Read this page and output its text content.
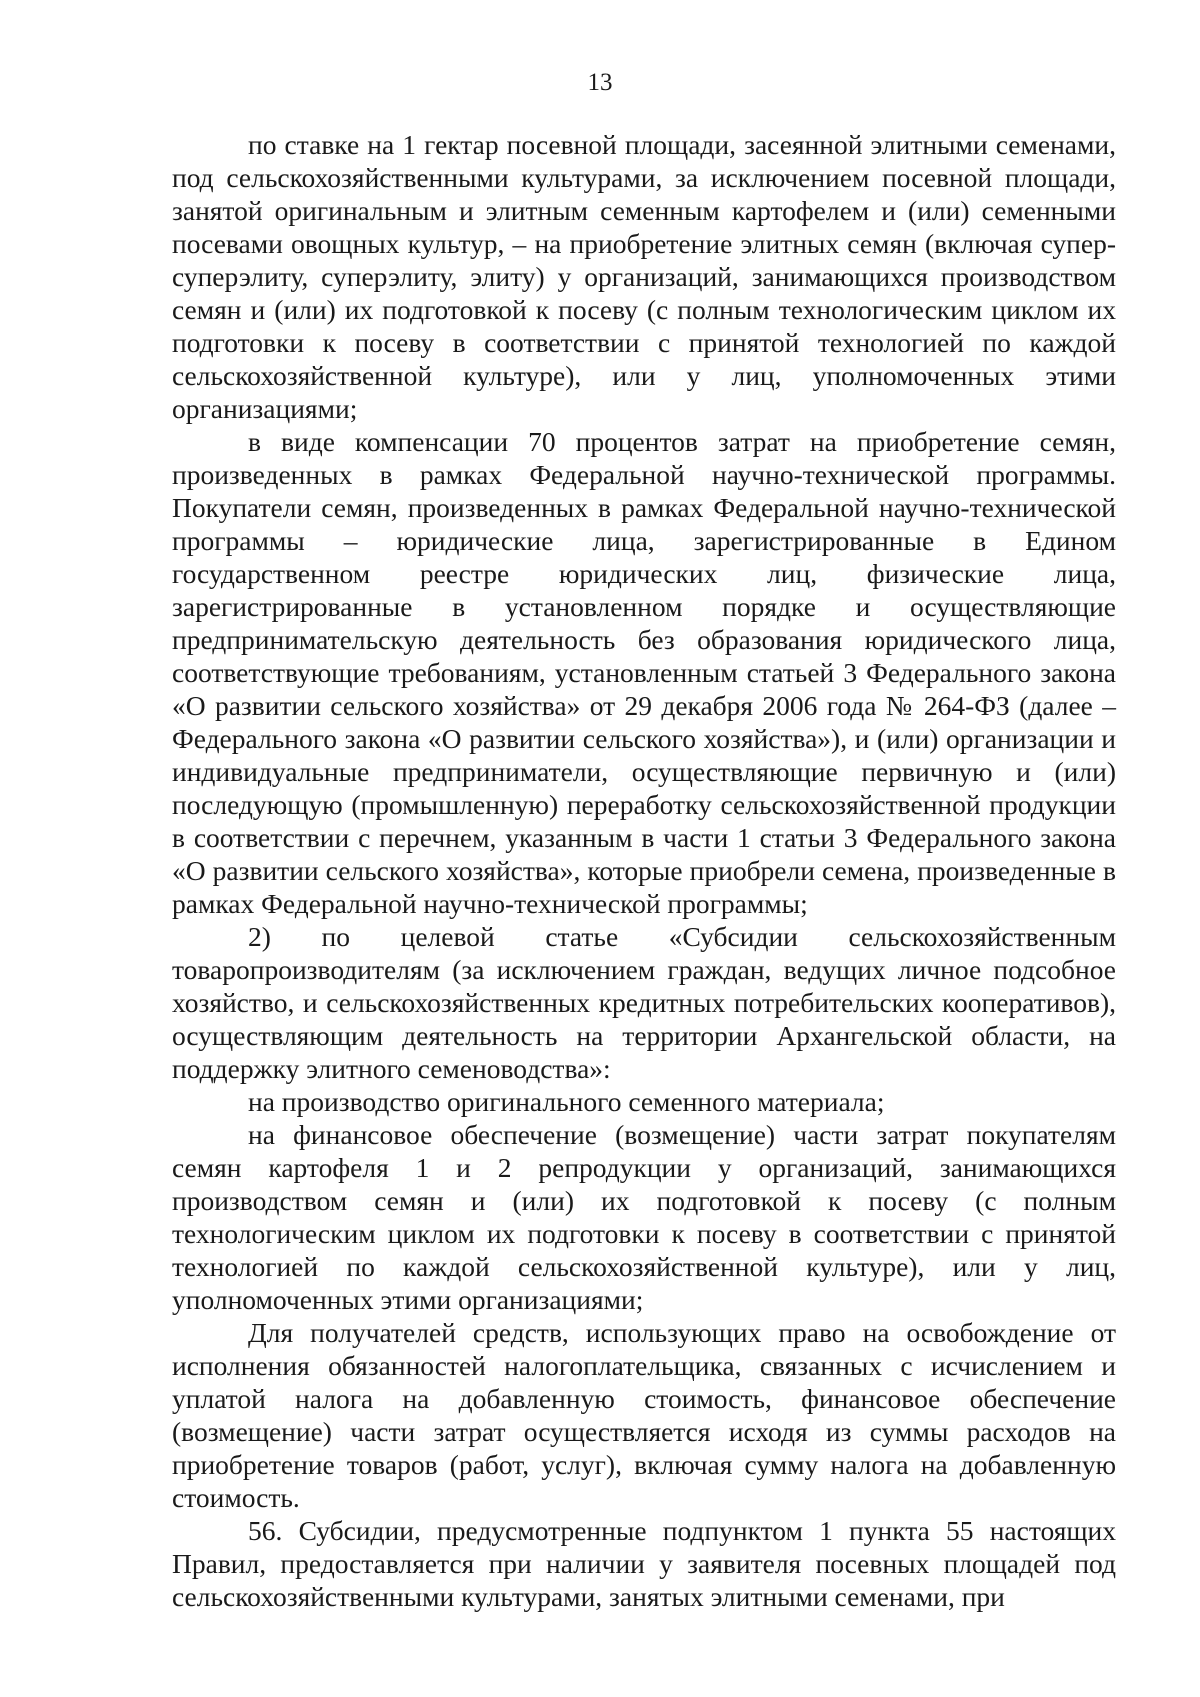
13

по ставке на 1 гектар посевной площади, засеянной элитными семенами, под сельскохозяйственными культурами, за исключением посевной площади, занятой оригинальным и элитным семенным картофелем и (или) семенными посевами овощных культур, – на приобретение элитных семян (включая супер-суперэлиту, суперэлиту, элиту) у организаций, занимающихся производством семян и (или) их подготовкой к посеву (с полным технологическим циклом их подготовки к посеву в соответствии с принятой технологией по каждой сельскохозяйственной культуре), или у лиц, уполномоченных этими организациями;

в виде компенсации 70 процентов затрат на приобретение семян, произведенных в рамках Федеральной научно-технической программы. Покупатели семян, произведенных в рамках Федеральной научно-технической программы – юридические лица, зарегистрированные в Едином государственном реестре юридических лиц, физические лица, зарегистрированные в установленном порядке и осуществляющие предпринимательскую деятельность без образования юридического лица, соответствующие требованиям, установленным статьей 3 Федерального закона «О развитии сельского хозяйства» от 29 декабря 2006 года № 264-ФЗ (далее – Федерального закона «О развитии сельского хозяйства»), и (или) организации и индивидуальные предприниматели, осуществляющие первичную и (или) последующую (промышленную) переработку сельскохозяйственной продукции в соответствии с перечнем, указанным в части 1 статьи 3 Федерального закона «О развитии сельского хозяйства», которые приобрели семена, произведенные в рамках Федеральной научно-технической программы;

2) по целевой статье «Субсидии сельскохозяйственным товаропроизводителям (за исключением граждан, ведущих личное подсобное хозяйство, и сельскохозяйственных кредитных потребительских кооперативов), осуществляющим деятельность на территории Архангельской области, на поддержку элитного семеноводства»:

на производство оригинального семенного материала;

на финансовое обеспечение (возмещение) части затрат покупателям семян картофеля 1 и 2 репродукции у организаций, занимающихся производством семян и (или) их подготовкой к посеву (с полным технологическим циклом их подготовки к посеву в соответствии с принятой технологией по каждой сельскохозяйственной культуре), или у лиц, уполномоченных этими организациями;

Для получателей средств, использующих право на освобождение от исполнения обязанностей налогоплательщика, связанных с исчислением и уплатой налога на добавленную стоимость, финансовое обеспечение (возмещение) части затрат осуществляется исходя из суммы расходов на приобретение товаров (работ, услуг), включая сумму налога на добавленную стоимость.

56. Субсидии, предусмотренные подпунктом 1 пункта 55 настоящих Правил, предоставляется при наличии у заявителя посевных площадей под сельскохозяйственными культурами, занятых элитными семенами, при
